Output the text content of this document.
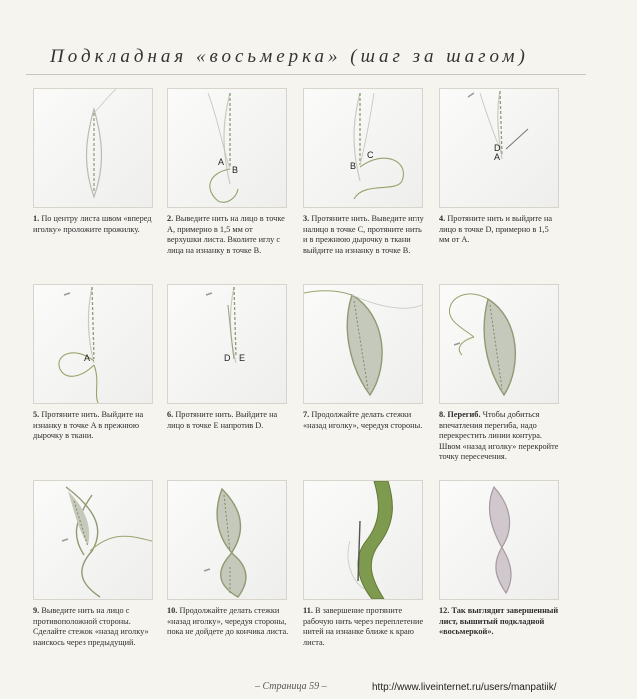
Подкладная «восьмерка» (шаг за шагом)
1. По центру листа швом «вперед иголку» проложите прожилку.
A
B
2. Выведите нить на лицо в точке A, примерно в 1,5 мм от верхушки листа. Вколите иглу с лица на изнанку в точке B.
B
C
3. Протяните нить. Выведите иглу налицо в точке C, протяните нить и в прежнюю дырочку в ткани выйдите на изнанку в точке B.
D
A
4. Протяните нить и выйдите на лицо в точке D, примерно в 1,5 мм от A.
A
5. Протяните нить. Выйдите на изнанку в точке A в прежнюю дырочку в ткани.
D E
6. Протяните нить. Выйдите на лицо в точке E напротив D.
7. Продолжайте делать стежки «назад иголку», чередуя стороны.
8. Перегиб. Чтобы добиться впечатления перегиба, надо перекрестить линии контура. Швом «назад иголку» перекройте точку пересечения.
9. Выведите нить на лицо с противоположной стороны. Сделайте стежок «назад иголку» наискось через предыдущий.
10. Продолжайте делать стежки «назад иголку», чередуя стороны, пока не дойдете до кончика листа.
11. В завершение протяните рабочую нить через переплетение нитей на изнанке ближе к краю листа.
12. Так выглядит завершенный лист, вышитый подкладной «восьмеркой».
– Страница 59 –	http://www.liveinternet.ru/users/manpatiik/
